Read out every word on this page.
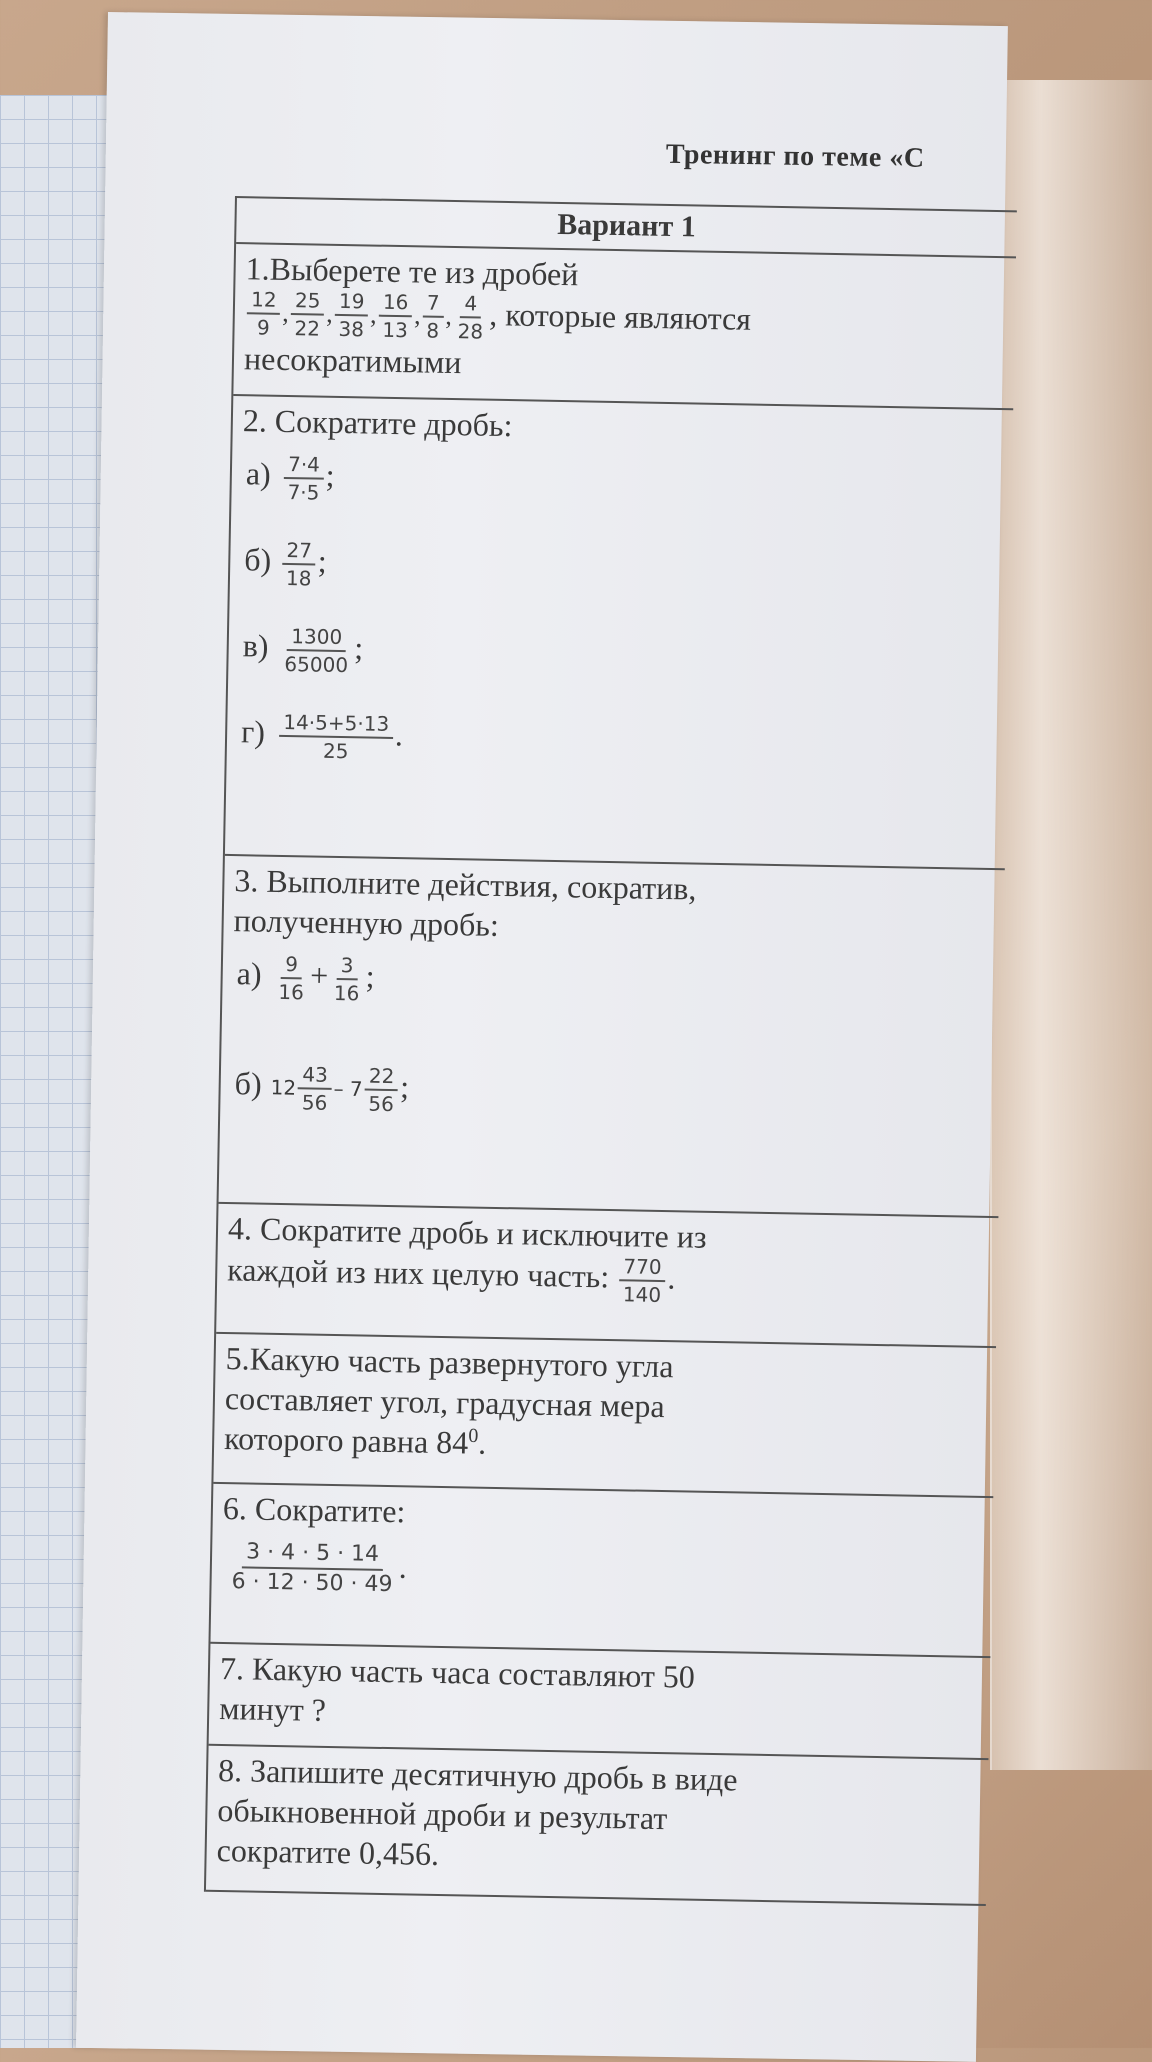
Тренинг по теме «С
Вариант 1
1.Выберете те из дробей
$\frac{12}{9}$ , $\frac{25}{22}$ , $\frac{19}{38}$ , $\frac{16}{13}$ , $\frac{7}{8}$ , $\frac{4}{28}$ , которые являются
несократимыми
2. Сократите дробь:
$а) \frac{7\cdot 4}{7\cdot 5}$ ;
$б) \frac{27}{18}$ ;
$в) \frac{1300}{65000}$ ;
$г) \frac{14\cdot 5+5\cdot 13}{25}$ .
3. Выполните действия, сократив,
полученную дробь:
$а) \frac{9}{16} + \frac{3}{16}$ ;
б) $12 \frac{43}{56} - 7 \frac{22}{56}$ ;
4. Сократите дробь и исключите из
каждой из них целую часть: $\frac{770}{140}$ .
5.Какую часть развернутого угла
составляет угол, градусная мера
которого равна $84^0$.
6. Сократите:
$\frac{3 \cdot 4 \cdot 5 \cdot 14}{6 \cdot 12 \cdot 50 \cdot 49}$ .
7. Какую часть часа составляют 50
минут ?
8. Запишите десятичную дробь в виде
обыкновенной дроби и результат
сократите 0,456.
